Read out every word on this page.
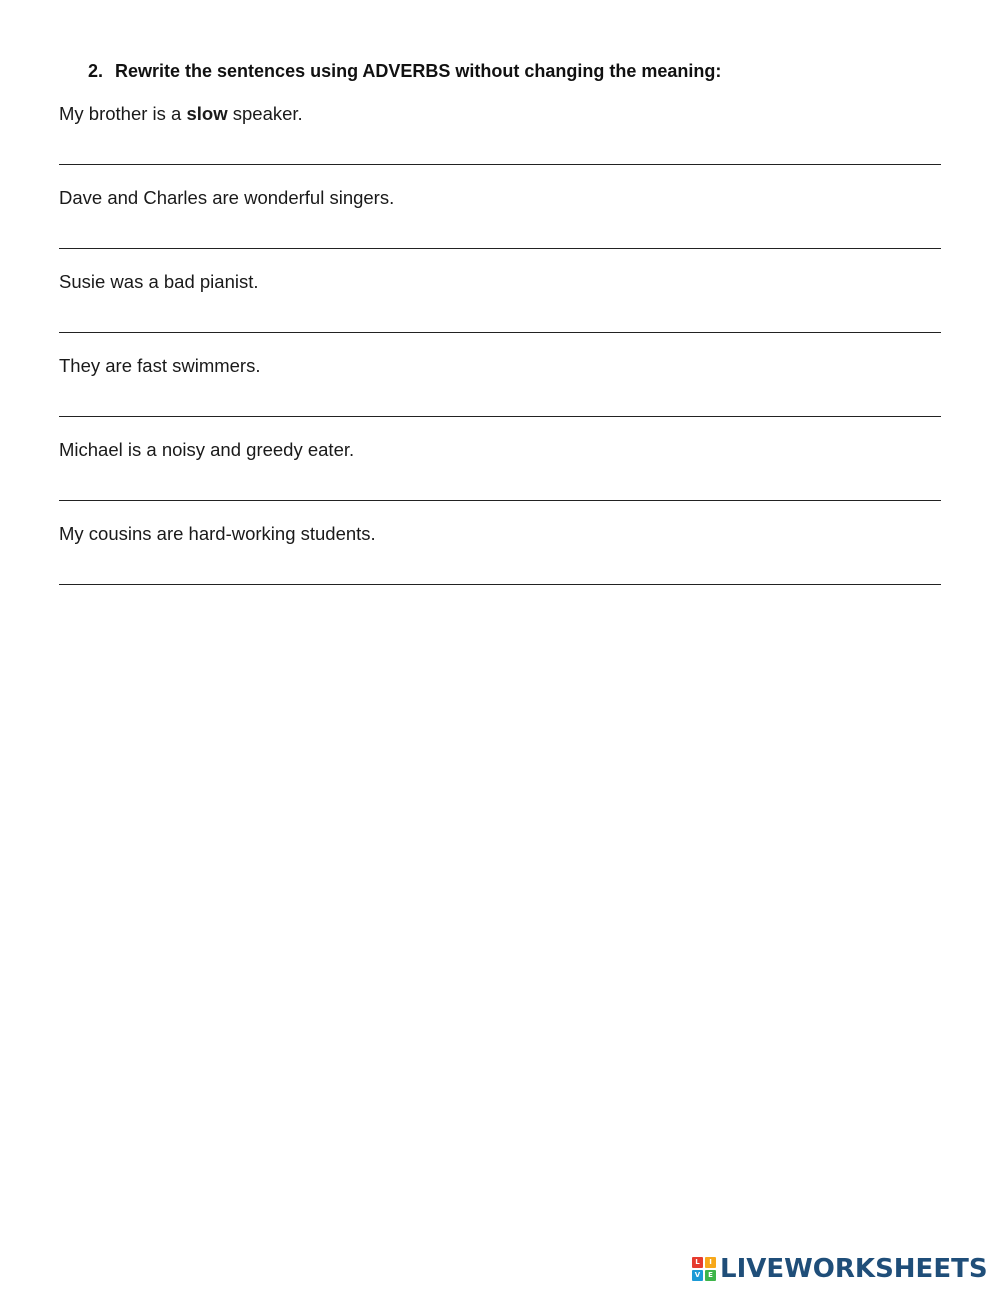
2. Rewrite the sentences using ADVERBS without changing the meaning:
My brother is a slow speaker.
Dave and Charles are wonderful singers.
Susie was a bad pianist.
They are fast swimmers.
Michael is a noisy and greedy eater.
My cousins are hard-working students.
L	I
V	E LIVEWORKSHEETS
